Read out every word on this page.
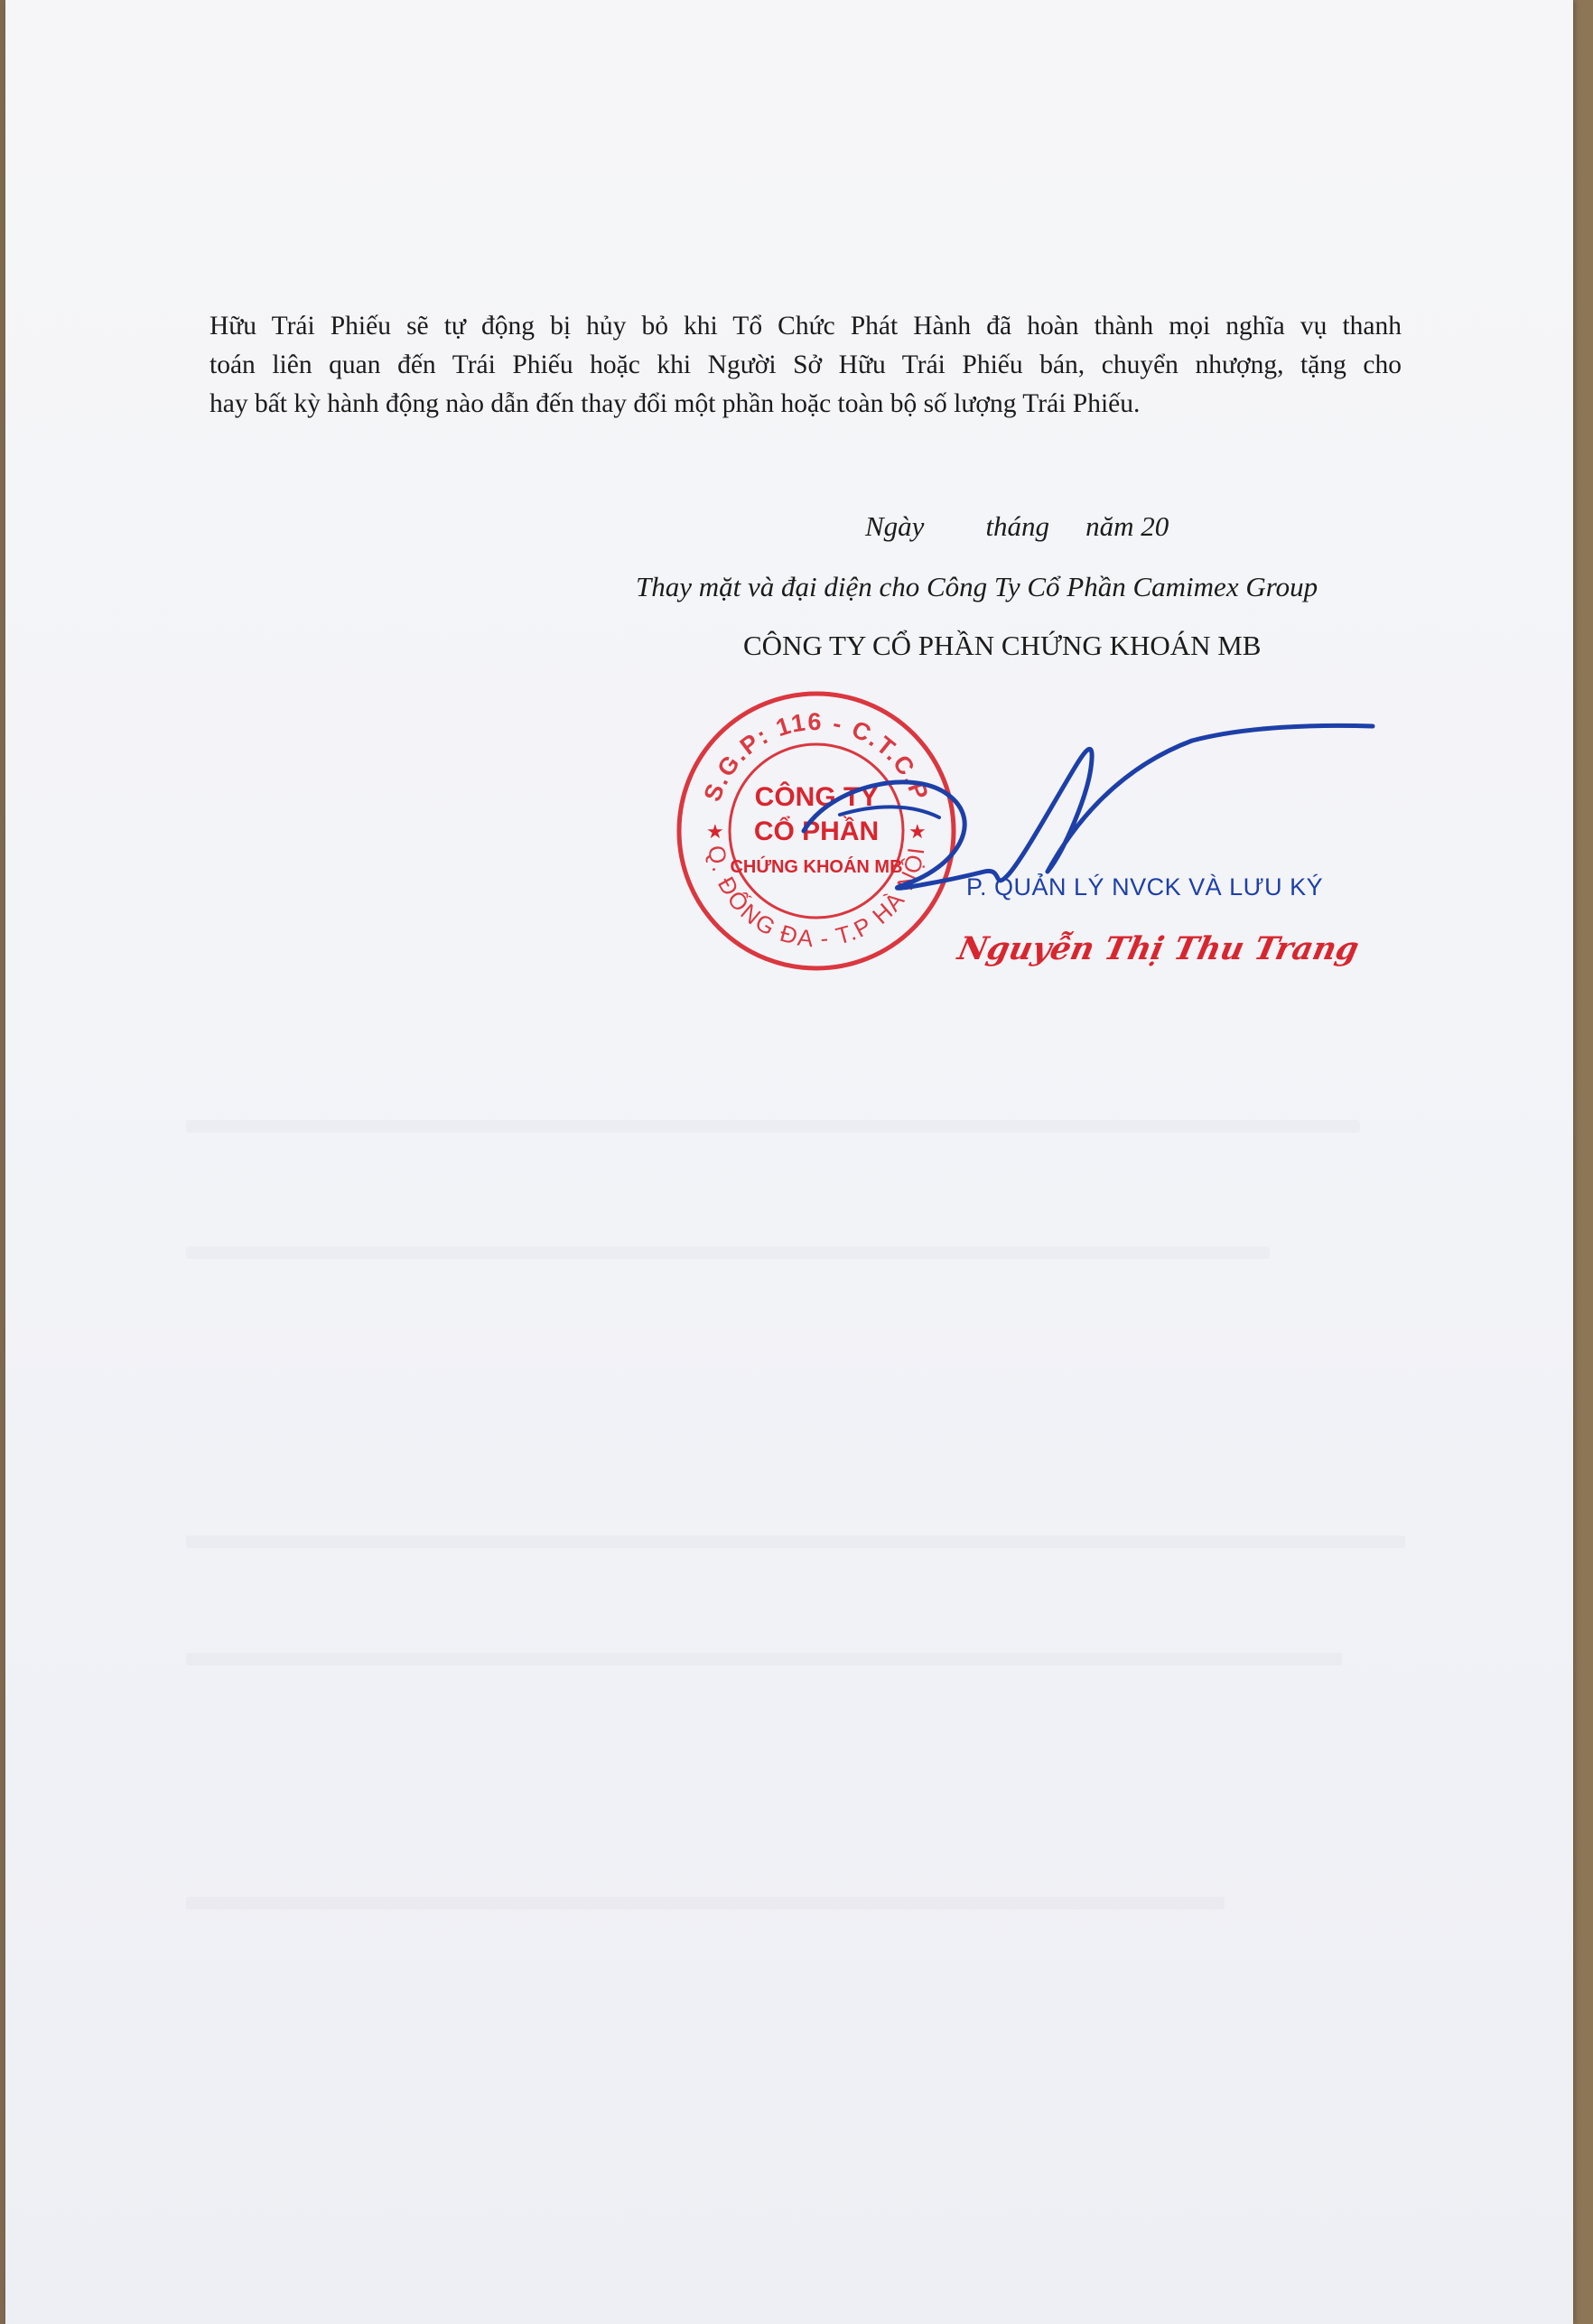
Hữu Trái Phiếu sẽ tự động bị hủy bỏ khi Tổ Chức Phát Hành đã hoàn thành mọi nghĩa vụ thanh
toán liên quan đến Trái Phiếu hoặc khi Người Sở Hữu Trái Phiếu bán, chuyển nhượng, tặng cho
hay bất kỳ hành động nào dẫn đến thay đổi một phần hoặc toàn bộ số lượng Trái Phiếu.

Ngày tháng năm 20
Thay mặt và đại diện cho Công Ty Cổ Phần Camimex Group
CÔNG TY CỔ PHẦN CHỨNG KHOÁN MB
S.G.P: 116 - C.T.C.P
Q. ĐỐNG ĐA - T.P HÀ NỘI
★	★
CÔNG TY
CỔ PHẦN
CHỨNG KHOÁN MB
P. QUẢN LÝ NVCK VÀ LƯU KÝ
Nguyễn Thị Thu Trang
